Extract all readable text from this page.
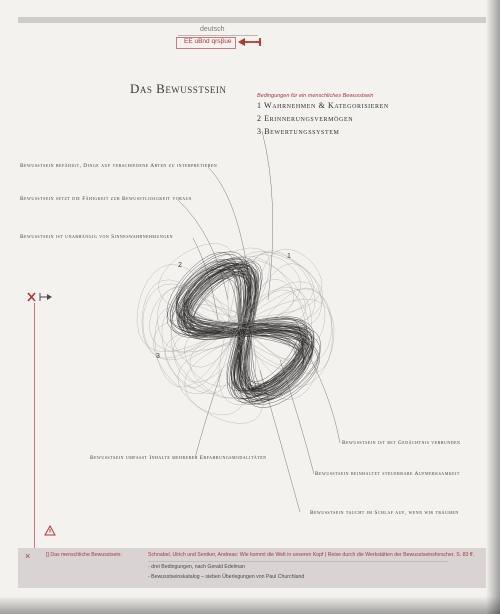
deutsch
EE uBnd qrsβue
Das Bewusstsein	Bedingungen für ein menschliches Bewusstsein
1 Wahrnehmen & Kategorisieren
2 Erinnerungsvermögen
3 Bewertungssystem
Bewusstsein befähigt, Dinge auf verschiedene Arten zu interpretieren
Bewusstsein setzt die Fähigkeit zur Bewusstlosigkeit voraus
Bewusstsein ist unabhängig von Sinneswahrnehmungen
Bewusstsein umfasst Inhalte mehrerer Erfahrungsmodalitäten
Bewusstsein ist mit Gedächtnis verbunden
Bewusstsein beinhaltet steuerbare Aufmerksamkeit
Bewusstsein taucht im Schlaf auf, wenn wir träumen
1
2
3
×	[] Das menschliche Bewusstsein:	Schnabel, Ulrich und Sentker, Andreas: Wie kommt die Welt in unseren Kopf | Reise durch die Werkstätten der Bewusstseinsforscher, S. 83 ff.
- drei Bedingungen, nach Gerald Edelman
- Bewusstseinskatalog – sieben Überlegungen von Paul Churchland
